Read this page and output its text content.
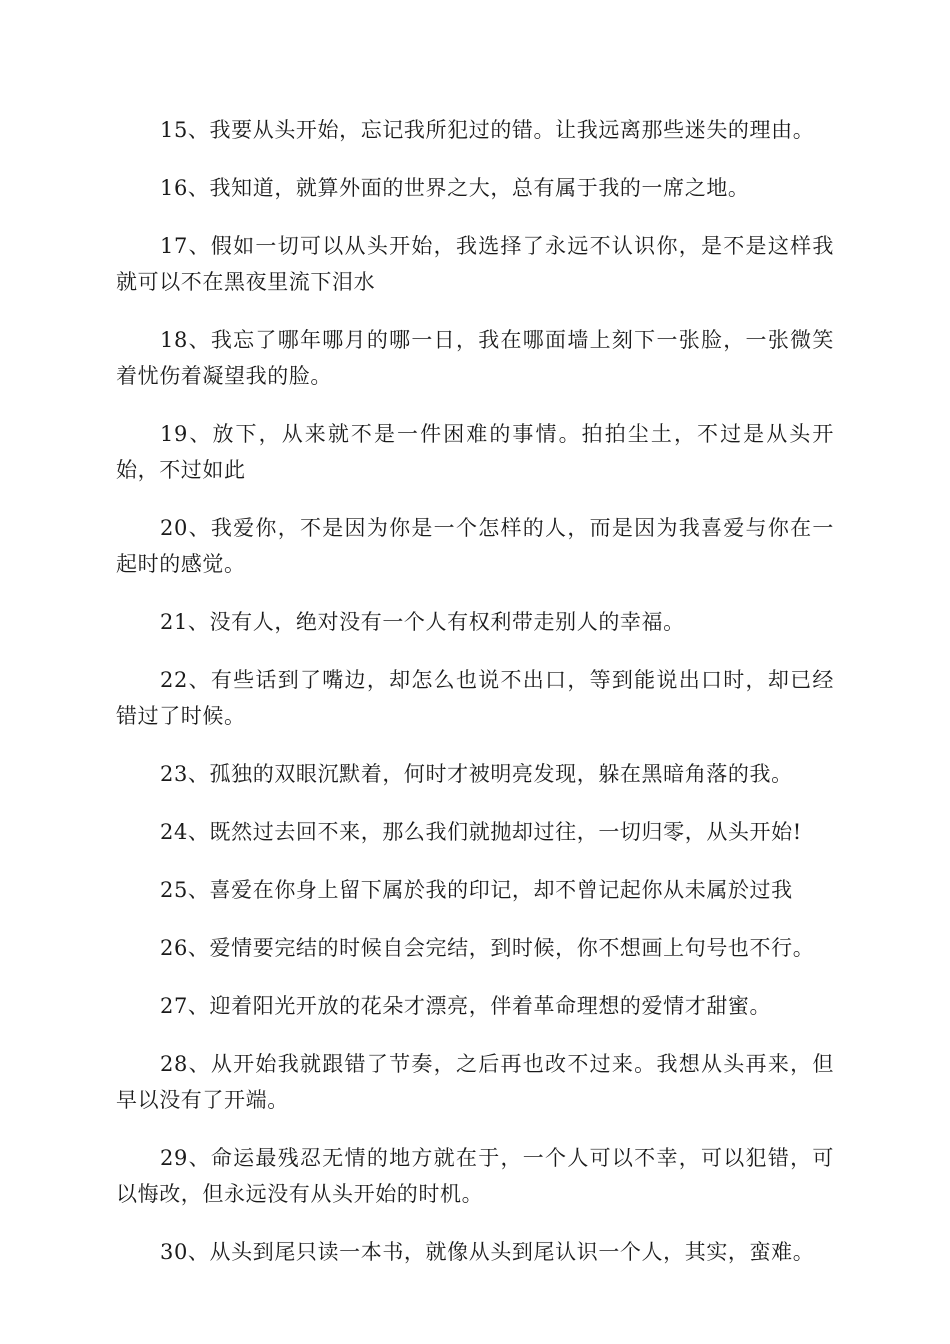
15、我要从头开始，忘记我所犯过的错。让我远离那些迷失的理由。

16、我知道，就算外面的世界之大，总有属于我的一席之地。

17、假如一切可以从头开始，我选择了永远不认识你，是不是这样我就可以不在黑夜里流下泪水

18、我忘了哪年哪月的哪一日，我在哪面墙上刻下一张脸，一张微笑着忧伤着凝望我的脸。

19、放下，从来就不是一件困难的事情。拍拍尘土，不过是从头开始，不过如此

20、我爱你，不是因为你是一个怎样的人，而是因为我喜爱与你在一起时的感觉。

21、没有人，绝对没有一个人有权利带走别人的幸福。

22、有些话到了嘴边，却怎么也说不出口，等到能说出口时，却已经错过了时候。

23、孤独的双眼沉默着，何时才被明亮发现，躲在黑暗角落的我。

24、既然过去回不来，那么我们就抛却过往，一切归零，从头开始!

25、喜爱在你身上留下属於我的印记，却不曾记起你从未属於过我

26、爱情要完结的时候自会完结，到时候，你不想画上句号也不行。

27、迎着阳光开放的花朵才漂亮，伴着革命理想的爱情才甜蜜。

28、从开始我就跟错了节奏，之后再也改不过来。我想从头再来，但早以没有了开端。

29、命运最残忍无情的地方就在于，一个人可以不幸，可以犯错，可以悔改，但永远没有从头开始的时机。

30、从头到尾只读一本书，就像从头到尾认识一个人，其实，蛮难。
